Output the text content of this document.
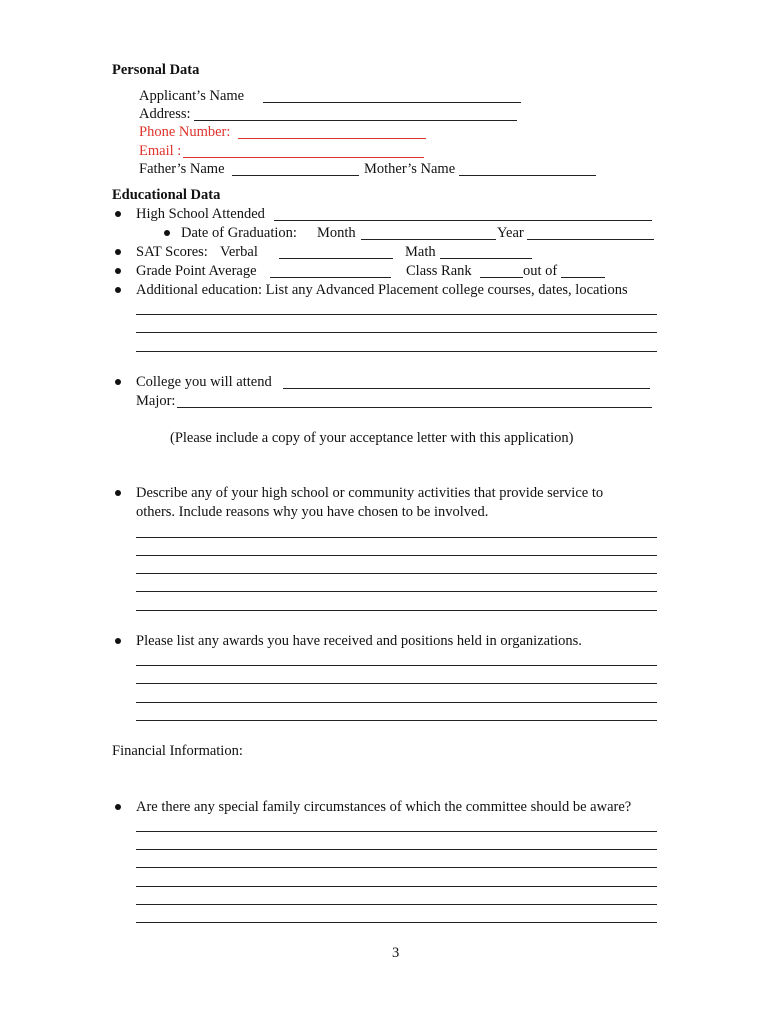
Personal Data
Applicant’s Name
Address:
Phone Number:
Email :
Father’s Name	Mother’s Name
Educational Data
High School Attended
Date of Graduation: Month	Year
SAT Scores: Verbal	Math
Grade Point Average	Class Rank	out of
Additional education: List any Advanced Placement college courses, dates, locations
College you will attend
Major:
(Please include a copy of your acceptance letter with this application)
Describe any of your high school or community activities that provide service to
others. Include reasons why you have chosen to be involved.
Please list any awards you have received and positions held in organizations.
Financial Information:
Are there any special family circumstances of which the committee should be aware?
3
